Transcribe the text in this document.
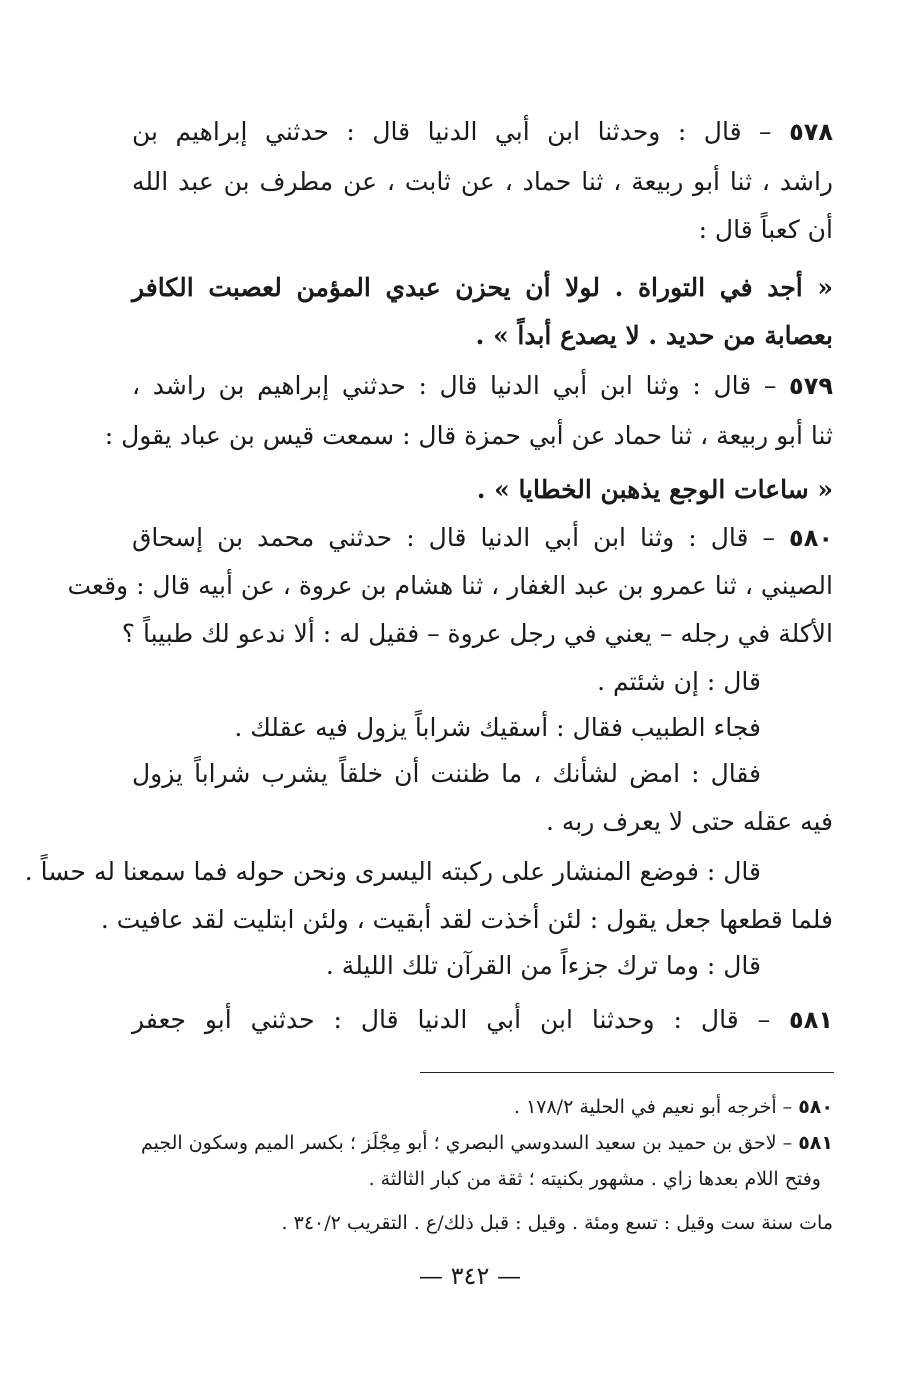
٥٧٨ – قال : وحدثنا ابن أبي الدنيا قال : حدثني إبراهيم بن
راشد ، ثنا أبو ربيعة ، ثنا حماد ، عن ثابت ، عن مطرف بن عبد الله
أن كعباً قال :
« أجد في التوراة . لولا أن يحزن عبدي المؤمن لعصبت الكافر
بعصابة من حديد . لا يصدع أبداً » .
٥٧٩ – قال : وثنا ابن أبي الدنيا قال : حدثني إبراهيم بن راشد ،
ثنا أبو ربيعة ، ثنا حماد عن أبي حمزة قال : سمعت قيس بن عباد يقول :
« ساعات الوجع يذهبن الخطايا » .
٥٨٠ – قال : وثنا ابن أبي الدنيا قال : حدثني محمد بن إسحاق
الصيني ، ثنا عمرو بن عبد الغفار ، ثنا هشام بن عروة ، عن أبيه قال : وقعت
الأكلة في رجله – يعني في رجل عروة – فقيل له : ألا ندعو لك طبيباً ؟
قال : إن شئتم .
فجاء الطبيب فقال : أسقيك شراباً يزول فيه عقلك .
فقال : امض لشأنك ، ما ظننت أن خلقاً يشرب شراباً يزول
فيه عقله حتى لا يعرف ربه .
قال : فوضع المنشار على ركبته اليسرى ونحن حوله فما سمعنا له حساً .
فلما قطعها جعل يقول : لئن أخذت لقد أبقيت ، ولئن ابتليت لقد عافيت .
قال : وما ترك جزءاً من القرآن تلك الليلة .
٥٨١ – قال : وحدثنا ابن أبي الدنيا قال : حدثني أبو جعفر
٥٨٠ – أخرجه أبو نعيم في الحلية ١٧٨/٢ .
٥٨١ – لاحق بن حميد بن سعيد السدوسي البصري ؛ أبو مِجْلَز ؛ بكسر الميم وسكون الجيم
وفتح اللام بعدها زاي . مشهور بكنيته ؛ ثقة من كبار الثالثة .
مات سنة ست وقيل : تسع ومئة . وقيل : قبل ذلك/ع . التقريب ٣٤٠/٢ .
— ٣٤٢ —
